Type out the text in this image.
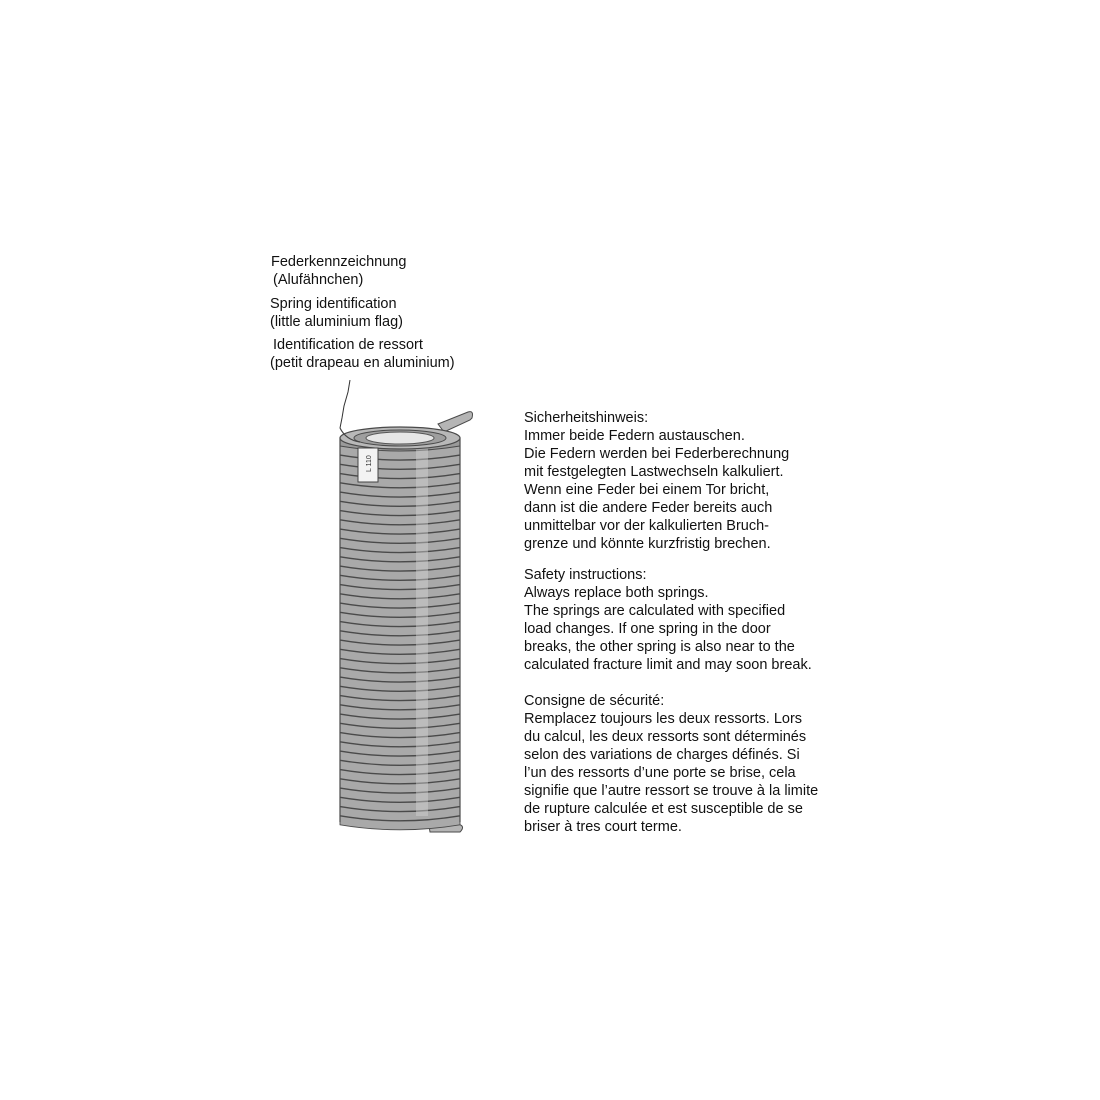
Federkennzeichnung
(Alufähnchen)
Spring identification
(little aluminium flag)
Identification de ressort
(petit drapeau en aluminium)
L 110
Sicherheitshinweis:
Immer beide Federn austauschen.
Die Federn werden bei Federberechnung
mit festgelegten Lastwechseln kalkuliert.
Wenn eine Feder bei einem Tor bricht,
dann ist die andere Feder bereits auch
unmittelbar vor der kalkulierten Bruch-
grenze und könnte kurzfristig brechen.
Safety instructions:
Always replace both springs.
The springs are calculated with specified
load changes. If one spring in the door
breaks, the other spring is also near to the
calculated fracture limit and may soon break.
Consigne de sécurité:
Remplacez toujours les deux ressorts. Lors
du calcul, les deux ressorts sont déterminés
selon des variations de charges définés. Si
l’un des ressorts d’une porte se brise, cela
signifie que l’autre ressort se trouve à la limite
de rupture calculée et est susceptible de se
briser à tres court terme.
